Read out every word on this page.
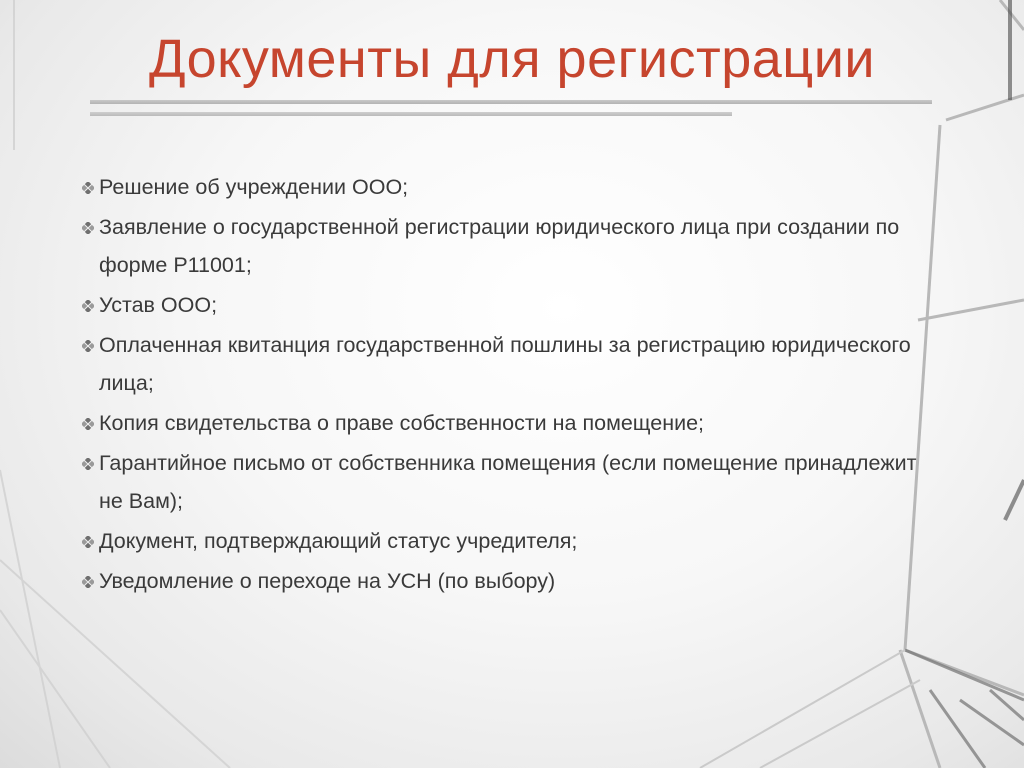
Документы для регистрации
Решение об учреждении ООО;
Заявление о государственной регистрации юридического лица при создании по форме Р11001;
Устав ООО;
Оплаченная квитанция государственной пошлины за регистрацию юридического лица;
Копия свидетельства о праве собственности на помещение;
Гарантийное письмо от собственника помещения (если помещение принадлежит не Вам);
Документ, подтверждающий статус учредителя;
Уведомление о переходе на УСН (по выбору)
